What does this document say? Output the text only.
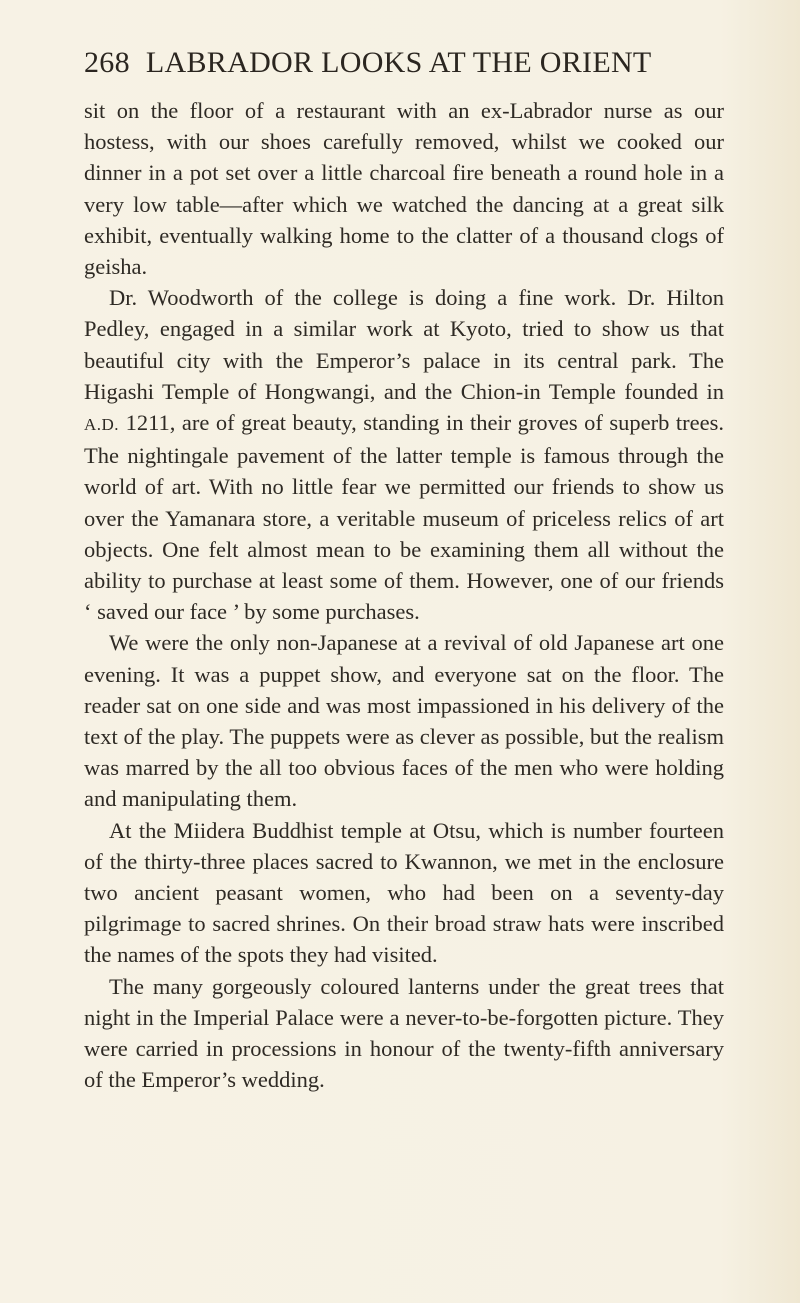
268 LABRADOR LOOKS AT THE ORIENT

sit on the floor of a restaurant with an ex-Labrador nurse as our hostess, with our shoes carefully removed, whilst we cooked our dinner in a pot set over a little charcoal fire beneath a round hole in a very low table—after which we watched the dancing at a great silk exhibit, eventually walking home to the clatter of a thousand clogs of geisha.

Dr. Woodworth of the college is doing a fine work. Dr. Hilton Pedley, engaged in a similar work at Kyoto, tried to show us that beautiful city with the Emperor’s palace in its central park. The Higashi Temple of Hongwangi, and the Chion-in Temple founded in A.D. 1211, are of great beauty, standing in their groves of superb trees. The nightingale pavement of the latter temple is famous through the world of art. With no little fear we permitted our friends to show us over the Yamanara store, a veritable museum of priceless relics of art objects. One felt almost mean to be examining them all without the ability to purchase at least some of them. However, one of our friends ‘ saved our face ’ by some purchases.

We were the only non-Japanese at a revival of old Japanese art one evening. It was a puppet show, and everyone sat on the floor. The reader sat on one side and was most impassioned in his delivery of the text of the play. The puppets were as clever as possible, but the realism was marred by the all too obvious faces of the men who were holding and manipulating them.

At the Miidera Buddhist temple at Otsu, which is number fourteen of the thirty-three places sacred to Kwannon, we met in the enclosure two ancient peasant women, who had been on a seventy-day pilgrimage to sacred shrines. On their broad straw hats were inscribed the names of the spots they had visited.

The many gorgeously coloured lanterns under the great trees that night in the Imperial Palace were a never-to-be-forgotten picture. They were carried in processions in honour of the twenty-fifth anniversary of the Emperor’s wedding.
